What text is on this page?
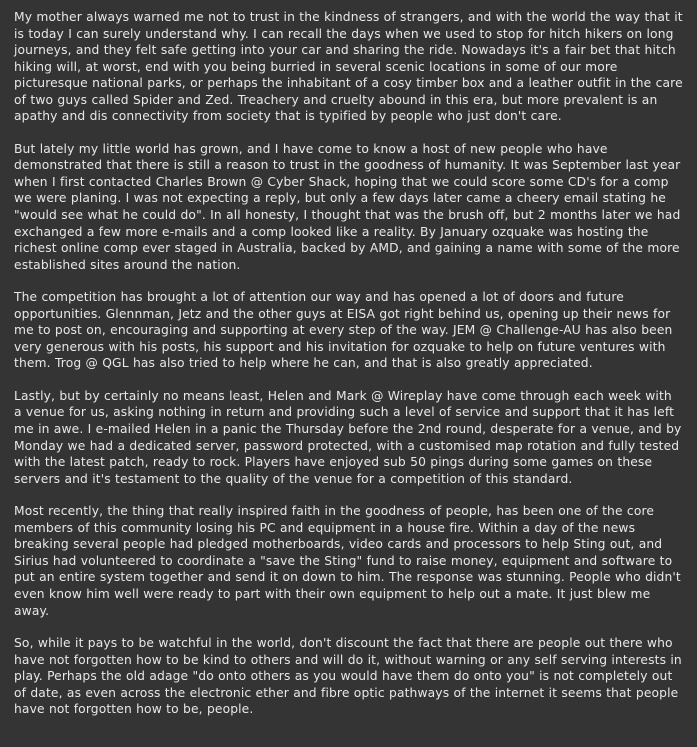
My mother always warned me not to trust in the kindness of strangers, and with the world the way that it is today I can surely understand why. I can recall the days when we used to stop for hitch hikers on long journeys, and they felt safe getting into your car and sharing the ride. Nowadays it's a fair bet that hitch hiking will, at worst, end with you being burried in several scenic locations in some of our more picturesque national parks, or perhaps the inhabitant of a cosy timber box and a leather outfit in the care of two guys called Spider and Zed. Treachery and cruelty abound in this era, but more prevalent is an apathy and dis connectivity from society that is typified by people who just don't care.

But lately my little world has grown, and I have come to know a host of new people who have demonstrated that there is still a reason to trust in the goodness of humanity. It was September last year when I first contacted Charles Brown @ Cyber Shack, hoping that we could score some CD's for a comp we were planing. I was not expecting a reply, but only a few days later came a cheery email stating he "would see what he could do". In all honesty, I thought that was the brush off, but 2 months later we had exchanged a few more e-mails and a comp looked like a reality. By January ozquake was hosting the richest online comp ever staged in Australia, backed by AMD, and gaining a name with some of the more established sites around the nation.

The competition has brought a lot of attention our way and has opened a lot of doors and future opportunities. Glennman, Jetz and the other guys at EISA got right behind us, opening up their news for me to post on, encouraging and supporting at every step of the way. JEM @ Challenge-AU has also been very generous with his posts, his support and his invitation for ozquake to help on future ventures with them. Trog @ QGL has also tried to help where he can, and that is also greatly appreciated.

Lastly, but by certainly no means least, Helen and Mark @ Wireplay have come through each week with a venue for us, asking nothing in return and providing such a level of service and support that it has left me in awe. I e-mailed Helen in a panic the Thursday before the 2nd round, desperate for a venue, and by Monday we had a dedicated server, password protected, with a customised map rotation and fully tested with the latest patch, ready to rock. Players have enjoyed sub 50 pings during some games on these servers and it's testament to the quality of the venue for a competition of this standard.

Most recently, the thing that really inspired faith in the goodness of people, has been one of the core members of this community losing his PC and equipment in a house fire. Within a day of the news breaking several people had pledged motherboards, video cards and processors to help Sting out, and Sirius had volunteered to coordinate a "save the Sting" fund to raise money, equipment and software to put an entire system together and send it on down to him. The response was stunning. People who didn't even know him well were ready to part with their own equipment to help out a mate. It just blew me away.

So, while it pays to be watchful in the world, don't discount the fact that there are people out there who have not forgotten how to be kind to others and will do it, without warning or any self serving interests in play. Perhaps the old adage "do onto others as you would have them do onto you" is not completely out of date, as even across the electronic ether and fibre optic pathways of the internet it seems that people have not forgotten how to be, people.
